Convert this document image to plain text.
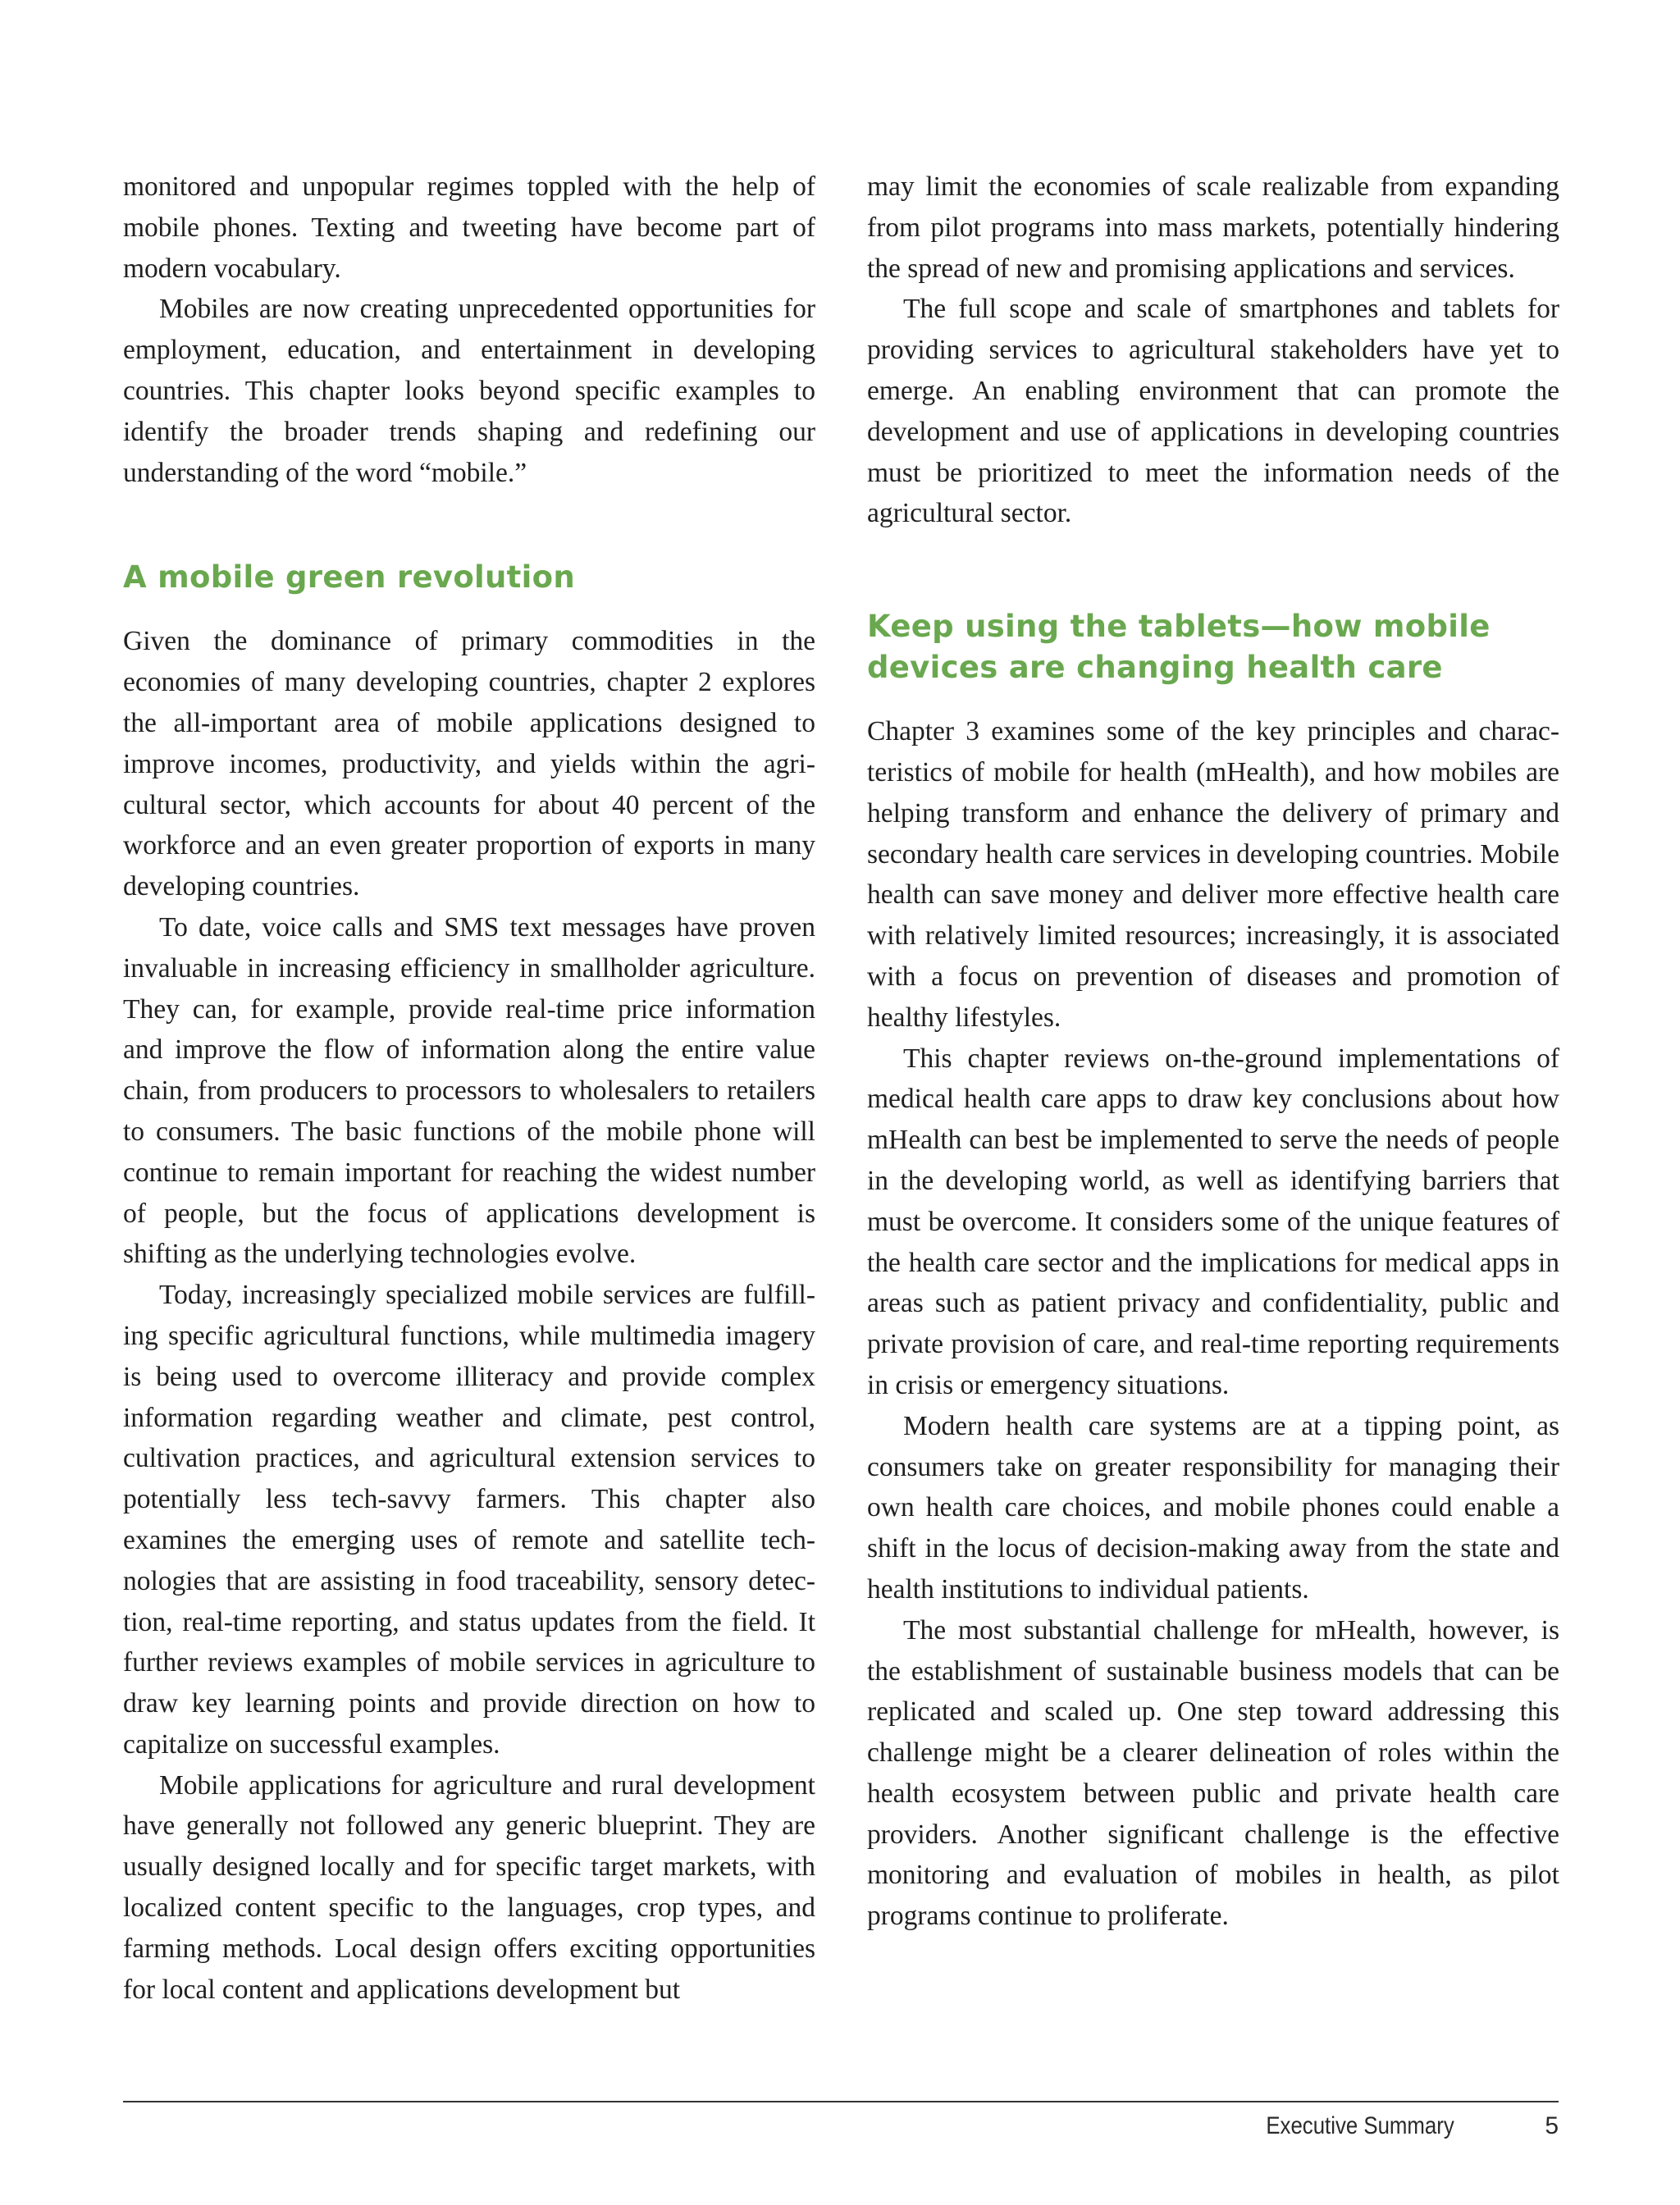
monitored and unpopular regimes toppled with the help of mobile phones. Texting and tweeting have become part of modern vocabulary.

Mobiles are now creating unprecedented opportunities for employment, education, and entertainment in developing countries. This chapter looks beyond specific examples to identify the broader trends shaping and redefining our understanding of the word “mobile.”

A mobile green revolution

Given the dominance of primary commodities in the economies of many developing countries, chapter 2 explores the all-important area of mobile applications designed to improve incomes, productivity, and yields within the agricultural sector, which accounts for about 40 percent of the workforce and an even greater proportion of exports in many developing countries.

To date, voice calls and SMS text messages have proven invaluable in increasing efficiency in smallholder agriculture. They can, for example, provide real-time price information and improve the flow of information along the entire value chain, from producers to processors to wholesalers to retailers to consumers. The basic functions of the mobile phone will continue to remain important for reaching the widest number of people, but the focus of applications development is shifting as the underlying technologies evolve.

Today, increasingly specialized mobile services are fulfilling specific agricultural functions, while multimedia imagery is being used to overcome illiteracy and provide complex information regarding weather and climate, pest control, cultivation practices, and agricultural extension services to potentially less tech-savvy farmers. This chapter also examines the emerging uses of remote and satellite technologies that are assisting in food traceability, sensory detection, real-time reporting, and status updates from the field. It further reviews examples of mobile services in agriculture to draw key learning points and provide direction on how to capitalize on successful examples.

Mobile applications for agriculture and rural development have generally not followed any generic blueprint. They are usually designed locally and for specific target markets, with localized content specific to the languages, crop types, and farming methods. Local design offers exciting opportunities for local content and applications development but

may limit the economies of scale realizable from expanding from pilot programs into mass markets, potentially hindering the spread of new and promising applications and services.

The full scope and scale of smartphones and tablets for providing services to agricultural stakeholders have yet to emerge. An enabling environment that can promote the development and use of applications in developing countries must be prioritized to meet the information needs of the agricultural sector.

Keep using the tablets—how mobile devices are changing health care

Chapter 3 examines some of the key principles and characteristics of mobile for health (mHealth), and how mobiles are helping transform and enhance the delivery of primary and secondary health care services in developing countries. Mobile health can save money and deliver more effective health care with relatively limited resources; increasingly, it is associated with a focus on prevention of diseases and promotion of healthy lifestyles.

This chapter reviews on-the-ground implementations of medical health care apps to draw key conclusions about how mHealth can best be implemented to serve the needs of people in the developing world, as well as identifying barriers that must be overcome. It considers some of the unique features of the health care sector and the implications for medical apps in areas such as patient privacy and confidentiality, public and private provision of care, and real-time reporting requirements in crisis or emergency situations.

Modern health care systems are at a tipping point, as consumers take on greater responsibility for managing their own health care choices, and mobile phones could enable a shift in the locus of decision-making away from the state and health institutions to individual patients.

The most substantial challenge for mHealth, however, is the establishment of sustainable business models that can be replicated and scaled up. One step toward addressing this challenge might be a clearer delineation of roles within the health ecosystem between public and private health care providers. Another significant challenge is the effective monitoring and evaluation of mobiles in health, as pilot programs continue to proliferate.

Executive Summary	5
